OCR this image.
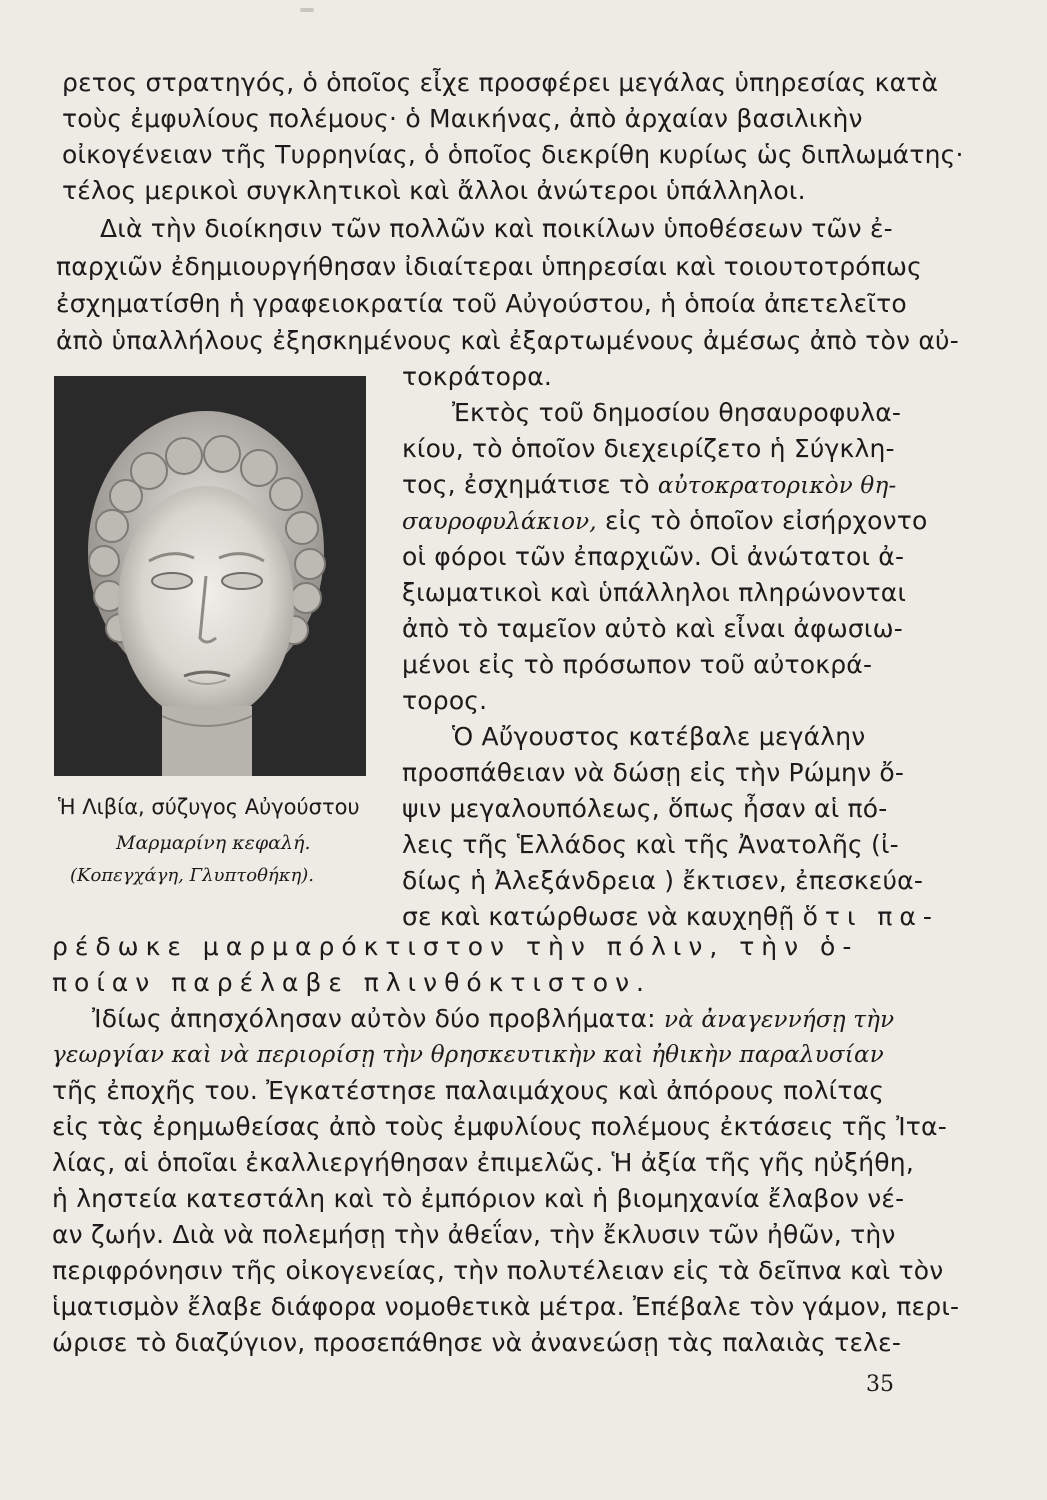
ρετος στρατηγός, ὁ ὁποῖος εἶχε προσφέρει μεγάλας ὑπηρεσίας κατὰ
τοὺς ἐμφυλίους πολέμους· ὁ Μαικήνας, ἀπὸ ἀρχαίαν βασιλικὴν
οἰκογένειαν τῆς Τυρρηνίας, ὁ ὁποῖος διεκρίθη κυρίως ὡς διπλωμάτης·
τέλος μερικοὶ συγκλητικοὶ καὶ ἄλλοι ἀνώτεροι ὑπάλληλοι.
Διὰ τὴν διοίκησιν τῶν πολλῶν καὶ ποικίλων ὑποθέσεων τῶν ἐ-
παρχιῶν ἐδημιουργήθησαν ἰδιαίτεραι ὑπηρεσίαι καὶ τοιουτοτρόπως
ἐσχηματίσθη ἡ γραφειοκρατία τοῦ Αὐγούστου, ἡ ὁποία ἀπετελεῖτο
ἀπὸ ὑπαλλήλους ἐξησκημένους καὶ ἐξαρτωμένους ἀμέσως ἀπὸ τὸν αὐ-
τοκράτορα.
Ἐκτὸς τοῦ δημοσίου θησαυροφυλα-
κίου, τὸ ὁποῖον διεχειρίζετο ἡ Σύγκλη-
τος, ἐσχημάτισε τὸ αὐτοκρατορικὸν θη-
σαυροφυλάκιον, εἰς τὸ ὁποῖον εἰσήρχοντο
οἱ φόροι τῶν ἐπαρχιῶν. Οἱ ἀνώτατοι ἀ-
ξιωματικοὶ καὶ ὑπάλληλοι πληρώνονται
ἀπὸ τὸ ταμεῖον αὐτὸ καὶ εἶναι ἀφωσιω-
μένοι εἰς τὸ πρόσωπον τοῦ αὐτοκρά-
τορος.
Ὁ Αὔγουστος κατέβαλε μεγάλην
προσπάθειαν νὰ δώσῃ εἰς τὴν Ρώμην ὄ-
ψιν μεγαλουπόλεως, ὅπως ἦσαν αἱ πό-
λεις τῆς Ἑλλάδος καὶ τῆς Ἀνατολῆς (ἰ-
δίως ἡ Ἀλεξάνδρεια ) ἔκτισεν, ἐπεσκεύα-
σε καὶ κατώρθωσε νὰ καυχηθῇ ὅτι πα-
Ἡ Λιβία, σύζυγος Αὐγούστου
Μαρμαρίνη κεφαλή.
(Κοπεγχάγη, Γλυπτοθήκη).
ρέδωκε μαρμαρόκτιστον τὴν πόλιν, τὴν ὁ-
ποίαν παρέλαβε πλινθόκτιστον.
Ἰδίως ἀπησχόλησαν αὐτὸν δύο προβλήματα: νὰ ἀναγεννήσῃ τὴν
γεωργίαν καὶ νὰ περιορίσῃ τὴν θρησκευτικὴν καὶ ἠθικὴν παραλυσίαν
τῆς ἐποχῆς του. Ἐγκατέστησε παλαιμάχους καὶ ἀπόρους πολίτας
εἰς τὰς ἐρημωθείσας ἀπὸ τοὺς ἐμφυλίους πολέμους ἐκτάσεις τῆς Ἰτα-
λίας, αἱ ὁποῖαι ἐκαλλιεργήθησαν ἐπιμελῶς. Ἡ ἀξία τῆς γῆς ηὐξήθη,
ἡ ληστεία κατεστάλη καὶ τὸ ἐμπόριον καὶ ἡ βιομηχανία ἔλαβον νέ-
αν ζωήν. Διὰ νὰ πολεμήσῃ τὴν ἀθεΐαν, τὴν ἔκλυσιν τῶν ἠθῶν, τὴν
περιφρόνησιν τῆς οἰκογενείας, τὴν πολυτέλειαν εἰς τὰ δεῖπνα καὶ τὸν
ἱματισμὸν ἔλαβε διάφορα νομοθετικὰ μέτρα. Ἐπέβαλε τὸν γάμον, περι-
ώρισε τὸ διαζύγιον, προσεπάθησε νὰ ἀνανεώσῃ τὰς παλαιὰς τελε-
35
